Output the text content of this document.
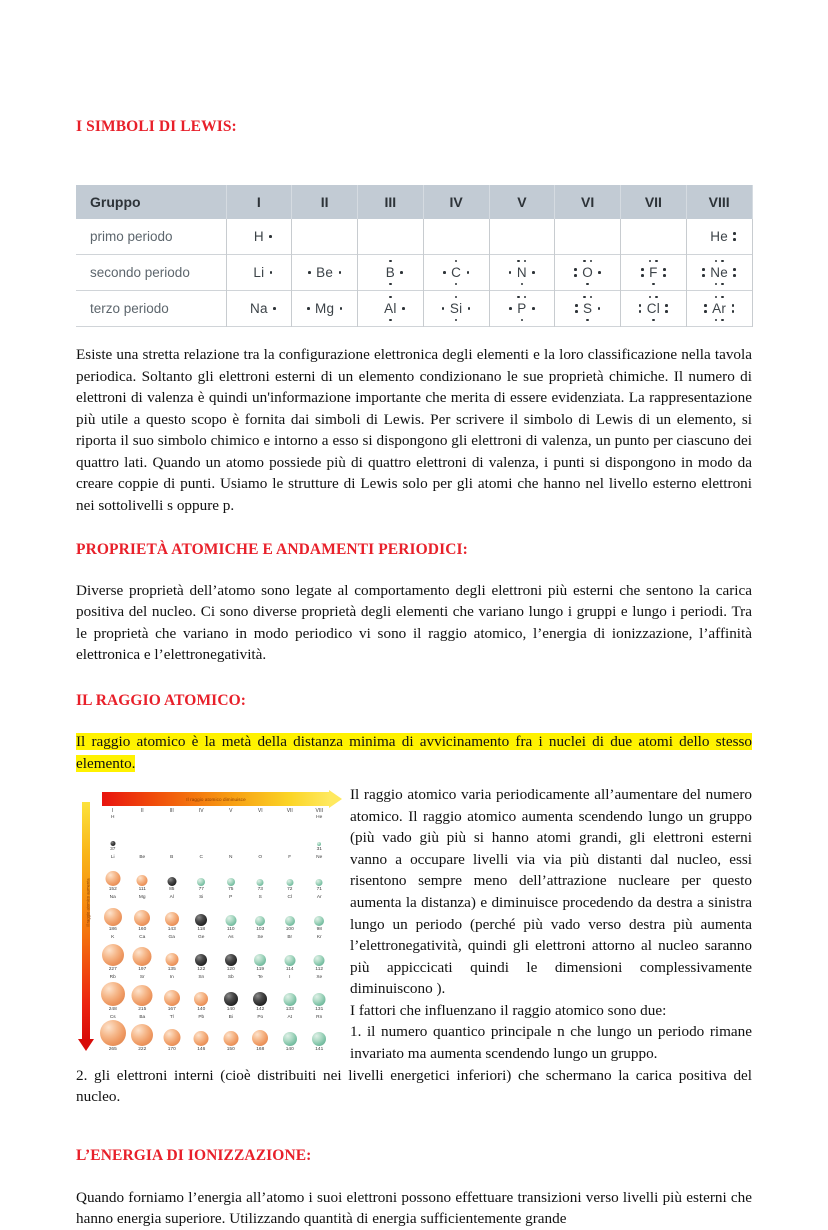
I SIMBOLI DI LEWIS:
Gruppo	I	II	III	IV	V	VI	VII	VIII
primo periodo	H							He

secondo periodo	Li	Be	B	C	N	O	F	Ne

terzo periodo	Na	Mg	Al	Si	P	S	Cl	Ar

Esiste una stretta relazione tra la configurazione elettronica degli elementi e la loro classificazione nella tavola periodica. Soltanto gli elettroni esterni di un elemento condizionano le sue proprietà chimiche. Il numero di elettroni di valenza è quindi un'informazione importante che merita di essere evidenziata. La rappresentazione più utile a questo scopo è fornita dai simboli di Lewis. Per scrivere il simbolo di Lewis di un elemento, si riporta il suo simbolo chimico e intorno a esso si dispongono gli elettroni di valenza, un punto per ciascuno dei quattro lati. Quando un atomo possiede più di quattro elettroni di valenza, i punti si dispongono in modo da creare coppie di punti. Usiamo le strutture di Lewis solo per gli atomi che hanno nel livello esterno elettroni nei sottolivelli s oppure p.

PROPRIETÀ ATOMICHE E ANDAMENTI PERIODICI:

Diverse proprietà dell’atomo sono legate al comportamento degli elettroni più esterni che sentono la carica positiva del nucleo. Ci sono diverse proprietà degli elementi che variano lungo i gruppi e lungo i periodi. Tra le proprietà che variano in modo periodico vi sono il raggio atomico, l’energia di ionizzazione, l’affinità elettronica e l’elettronegatività.

IL RAGGIO ATOMICO:

Il raggio atomico è la metà della distanza minima di avvicinamento fra i nuclei di due atomi dello stesso elemento.

Il raggio atomico diminuisce
Il raggio atomico aumenta
I	II	III	IV	V	VI	VII	VIII
H
37
He
31
Li
152
Be
111
B
85
C
77
N
75
O
73
F
72
Ne
71
Na
186
Mg
160
Al
143
Si
118
P
110
S
103
Cl
100
Ar
98
K
227
Ca
197
Ga
135
Ge
122
As
120
Se
119
Br
114
Kr
112
Rb
248
Sr
215
In
167
Sn
140
Sb
140
Te
142
I
133
Xe
131
Cs
265
Ba
222
Tl
170
Pb
146
Bi
150
Po
168
At
140
Rn
141

Il raggio atomico varia periodicamente all’aumentare del numero atomico. Il raggio atomico aumenta scendendo lungo un gruppo (più vado giù più si hanno atomi grandi, gli elettroni esterni vanno a occupare livelli via via più distanti dal nucleo, essi risentono sempre meno dell’attrazione nucleare per questo aumenta la distanza) e diminuisce procedendo da destra a sinistra lungo un periodo (perché più vado verso destra più aumenta l’elettronegatività, quindi gli elettroni attorno al nucleo saranno più appiccicati quindi le dimensioni complessivamente diminuiscono ).

I fattori che influenzano il raggio atomico sono due:

1. il numero quantico principale n che lungo un periodo rimane invariato ma aumenta scendendo lungo un gruppo.

2. gli elettroni interni (cioè distribuiti nei livelli energetici inferiori) che schermano la carica positiva del nucleo.

L’ENERGIA DI IONIZZAZIONE:

Quando forniamo l’energia all’atomo i suoi elettroni possono effettuare transizioni verso livelli più esterni che hanno energia superiore. Utilizzando quantità di energia sufficientemente grande
